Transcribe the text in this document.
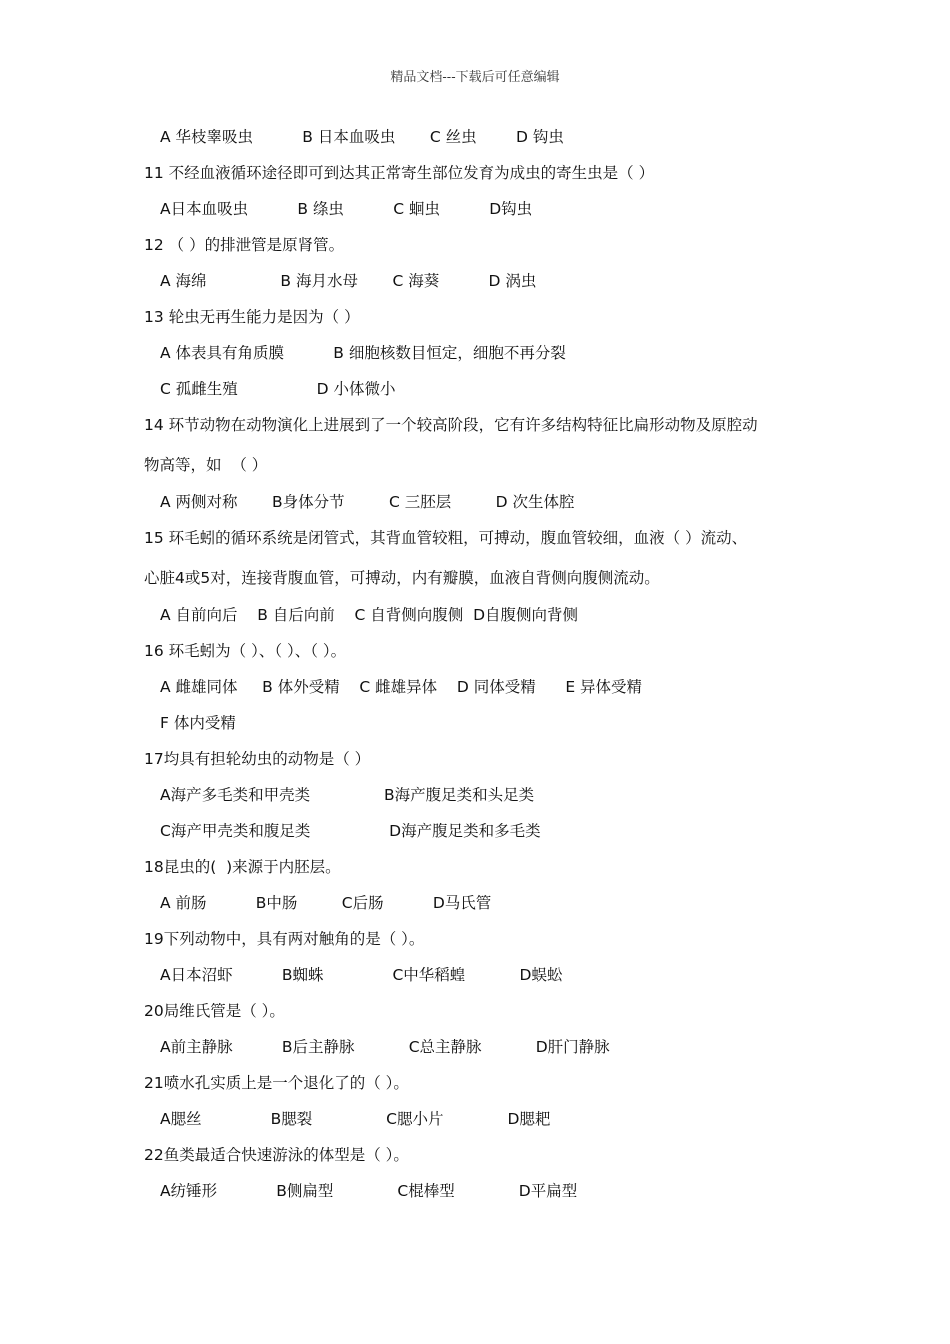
精品文档---下载后可任意编辑
A 华枝睾吸虫          B 日本血吸虫       C 丝虫        D 钩虫
11 不经血液循环途径即可到达其正常寄生部位发育为成虫的寄生虫是（ ）
A日本血吸虫          B 绦虫          C 蛔虫          D钩虫
12 （ ）的排泄管是原肾管。
A 海绵               B 海月水母       C 海葵          D 涡虫
13 轮虫无再生能力是因为（ ）
A 体表具有角质膜          B 细胞核数目恒定，细胞不再分裂
C 孤雌生殖                D 小体微小
14 环节动物在动物演化上进展到了一个较高阶段，它有许多结构特征比扁形动物及原腔动
物高等，如  （ ）
A 两侧对称       B身体分节         C 三胚层         D 次生体腔
15 环毛蚓的循环系统是闭管式，其背血管较粗，可搏动，腹血管较细，血液（ ）流动、
心脏4或5对，连接背腹血管，可搏动，内有瓣膜，血液自背侧向腹侧流动。
A 自前向后    B 自后向前    C 自背侧向腹侧  D自腹侧向背侧
16 环毛蚓为（ ）、（ ）、（ ）。
A 雌雄同体     B 体外受精    C 雌雄异体    D 同体受精      E 异体受精
F 体内受精
17均具有担轮幼虫的动物是（ ）
A海产多毛类和甲壳类               B海产腹足类和头足类
C海产甲壳类和腹足类                D海产腹足类和多毛类
18昆虫的(  )来源于内胚层。
A 前肠          B中肠         C后肠          D马氏管
19下列动物中，具有两对触角的是（ ）。
A日本沼虾          B蜘蛛              C中华稻蝗           D蜈蚣
20局维氏管是（ ）。
A前主静脉          B后主静脉           C总主静脉           D肝门静脉
21喷水孔实质上是一个退化了的（ ）。
A腮丝              B腮裂               C腮小片             D腮耙
22鱼类最适合快速游泳的体型是（ ）。
A纺锤形            B侧扁型             C棍棒型             D平扁型
